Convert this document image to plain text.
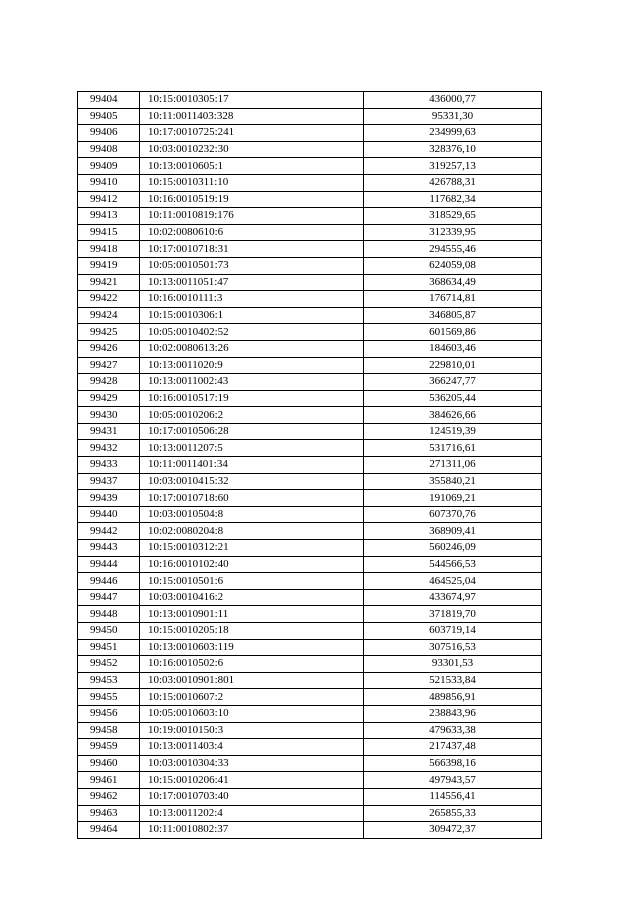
99404	10:15:0010305:17	436000,77
99405	10:11:0011403:328	95331,30
99406	10:17:0010725:241	234999,63
99408	10:03:0010232:30	328376,10
99409	10:13:0010605:1	319257,13
99410	10:15:0010311:10	426788,31
99412	10:16:0010519:19	117682,34
99413	10:11:0010819:176	318529,65
99415	10:02:0080610:6	312339,95
99418	10:17:0010718:31	294555,46
99419	10:05:0010501:73	624059,08
99421	10:13:0011051:47	368634,49
99422	10:16:0010111:3	176714,81
99424	10:15:0010306:1	346805,87
99425	10:05:0010402:52	601569,86
99426	10:02:0080613:26	184603,46
99427	10:13:0011020:9	229810,01
99428	10:13:0011002:43	366247,77
99429	10:16:0010517:19	536205,44
99430	10:05:0010206:2	384626,66
99431	10:17:0010506:28	124519,39
99432	10:13:0011207:5	531716,61
99433	10:11:0011401:34	271311,06
99437	10:03:0010415:32	355840,21
99439	10:17:0010718:60	191069,21
99440	10:03:0010504:8	607370,76
99442	10:02:0080204:8	368909,41
99443	10:15:0010312:21	560246,09
99444	10:16:0010102:40	544566,53
99446	10:15:0010501:6	464525,04
99447	10:03:0010416:2	433674,97
99448	10:13:0010901:11	371819,70
99450	10:15:0010205:18	603719,14
99451	10:13:0010603:119	307516,53
99452	10:16:0010502:6	93301,53
99453	10:03:0010901:801	521533,84
99455	10:15:0010607:2	489856,91
99456	10:05:0010603:10	238843,96
99458	10:19:0010150:3	479633,38
99459	10:13:0011403:4	217437,48
99460	10:03:0010304:33	566398,16
99461	10:15:0010206:41	497943,57
99462	10:17:0010703:40	114556,41
99463	10:13:0011202:4	265855,33
99464	10:11:0010802:37	309472,37
